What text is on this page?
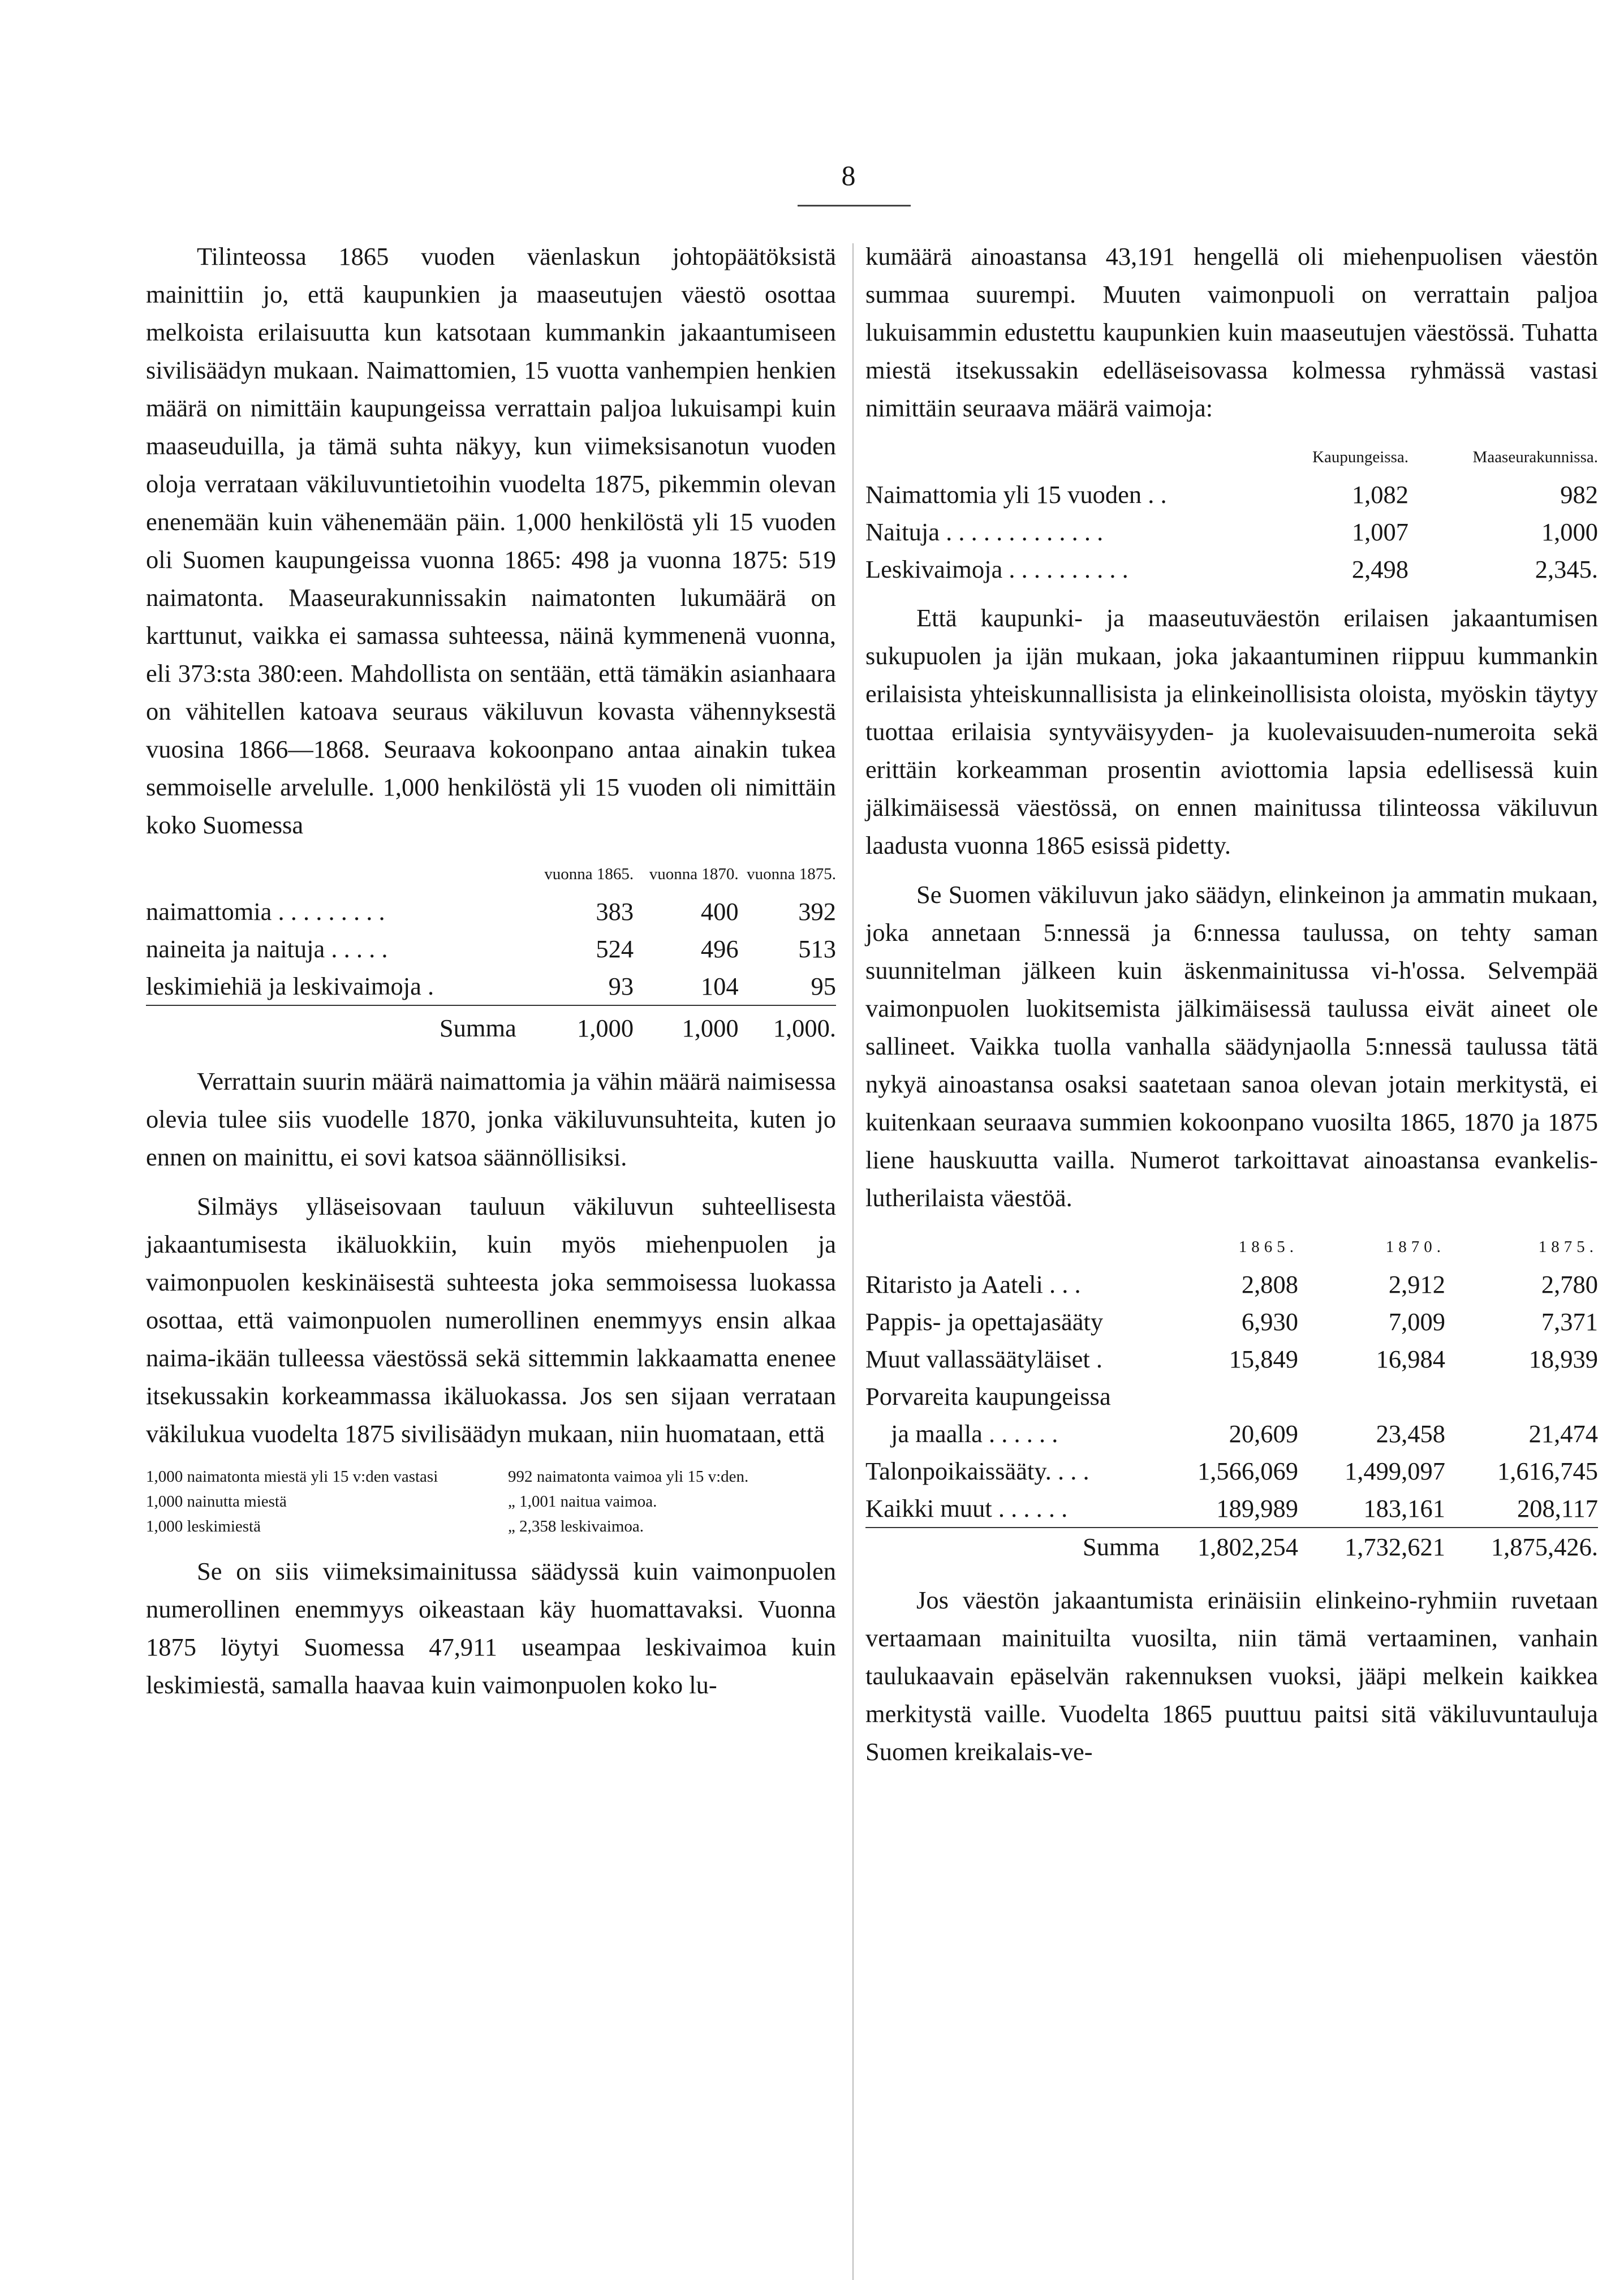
8

Tilinteossa 1865 vuoden väenlaskun johtopäätöksistä mainittiin jo, että kaupunkien ja maaseutujen väestö osottaa melkoista erilaisuutta kun katsotaan kummankin jakaantumiseen sivilisäädyn mukaan. Naimattomien, 15 vuotta vanhempien henkien määrä on nimittäin kaupungeissa verrattain paljoa lukuisampi kuin maaseuduilla, ja tämä suhta näkyy, kun viimeksisanotun vuoden oloja verrataan väkiluvuntietoihin vuodelta 1875, pikemmin olevan enenemään kuin vähenemään päin. 1,000 henkilöstä yli 15 vuoden oli Suomen kaupungeissa vuonna 1865: 498 ja vuonna 1875: 519 naimatonta. Maaseurakunnissakin naimatonten lukumäärä on karttunut, vaikka ei samassa suhteessa, näinä kymmenenä vuonna, eli 373:sta 380:een. Mahdollista on sentään, että tämäkin asianhaara on vähitellen katoava seuraus väkiluvun kovasta vähennyksestä vuosina 1866—1868. Seuraava kokoonpano antaa ainakin tukea semmoiselle arvelulle. 1,000 henkilöstä yli 15 vuoden oli nimittäin koko Suomessa

	vuonna 1865.	vuonna 1870.	vuonna 1875.
naimattomia . . . . . . . . .	383	400	392
naineita ja naituja . . . . .	524	496	513
leskimiehiä ja leskivaimoja .	93	104	95
Summa	1,000	1,000	1,000.

Verrattain suurin määrä naimattomia ja vähin määrä naimisessa olevia tulee siis vuodelle 1870, jonka väkiluvunsuhteita, kuten jo ennen on mainittu, ei sovi katsoa säännöllisiksi.

Silmäys ylläseisovaan tauluun väkiluvun suhteellisesta jakaantumisesta ikäluokkiin, kuin myös miehenpuolen ja vaimonpuolen keskinäisestä suhteesta joka semmoisessa luokassa osottaa, että vaimonpuolen numerollinen enemmyys ensin alkaa naima-ikään tulleessa väestössä sekä sittemmin lakkaamatta enenee itsekussakin korkeammassa ikäluokassa. Jos sen sijaan verrataan väkilukua vuodelta 1875 sivilisäädyn mukaan, niin huomataan, että

1,000 naimatonta miestä yli 15 v:den vastasi	992 naimatonta vaimoa yli 15 v:den.
1,000 nainutta miestä	„ 1,001 naitua vaimoa.
1,000 leskimiestä	„ 2,358 leskivaimoa.

Se on siis viimeksimainitussa säädyssä kuin vaimonpuolen numerollinen enemmyys oikeastaan käy huomattavaksi. Vuonna 1875 löytyi Suomessa 47,911 useampaa leskivaimoa kuin leskimiestä, samalla haavaa kuin vaimonpuolen koko lu-

kumäärä ainoastansa 43,191 hengellä oli miehenpuolisen väestön summaa suurempi. Muuten vaimonpuoli on verrattain paljoa lukuisammin edustettu kaupunkien kuin maaseutujen väestössä. Tuhatta miestä itsekussakin edelläseisovassa kolmessa ryhmässä vastasi nimittäin seuraava määrä vaimoja:

	Kaupungeissa.	Maaseurakunnissa.
Naimattomia yli 15 vuoden . .	1,082	982
Naituja . . . . . . . . . . . . .	1,007	1,000
Leskivaimoja . . . . . . . . . .	2,498	2,345.

Että kaupunki- ja maaseutuväestön erilaisen jakaantumisen sukupuolen ja ijän mukaan, joka jakaantuminen riippuu kummankin erilaisista yhteiskunnallisista ja elinkeinollisista oloista, myöskin täytyy tuottaa erilaisia syntyväisyyden- ja kuolevaisuuden-numeroita sekä erittäin korkeamman prosentin aviottomia lapsia edellisessä kuin jälkimäisessä väestössä, on ennen mainitussa tilinteossa väkiluvun laadusta vuonna 1865 esissä pidetty.

Se Suomen väkiluvun jako säädyn, elinkeinon ja ammatin mukaan, joka annetaan 5:nnessä ja 6:nnessa taulussa, on tehty saman suunnitelman jälkeen kuin äskenmainitussa vi-h'ossa. Selvempää vaimonpuolen luokitsemista jälkimäisessä taulussa eivät aineet ole sallineet. Vaikka tuolla vanhalla säädynjaolla 5:nnessä taulussa tätä nykyä ainoastansa osaksi saatetaan sanoa olevan jotain merkitystä, ei kuitenkaan seuraava summien kokoonpano vuosilta 1865, 1870 ja 1875 liene hauskuutta vailla. Numerot tarkoittavat ainoastansa evankelis-lutherilaista väestöä.

	1865.	1870.	1875.
Ritaristo ja Aateli . . .	2,808	2,912	2,780
Pappis- ja opettajasääty	6,930	7,009	7,371
Muut vallassäätyläiset .	15,849	16,984	18,939
Porvareita kaupungeissa			
ja maalla . . . . . .	20,609	23,458	21,474
Talonpoikaissääty. . . .	1,566,069	1,499,097	1,616,745
Kaikki muut . . . . . .	189,989	183,161	208,117
Summa	1,802,254	1,732,621	1,875,426.

Jos väestön jakaantumista erinäisiin elinkeino-ryhmiin ruvetaan vertaamaan mainituilta vuosilta, niin tämä vertaaminen, vanhain taulukaavain epäselvän rakennuksen vuoksi, jääpi melkein kaikkea merkitystä vaille. Vuodelta 1865 puuttuu paitsi sitä väkiluvuntauluja Suomen kreikalais-ve-
